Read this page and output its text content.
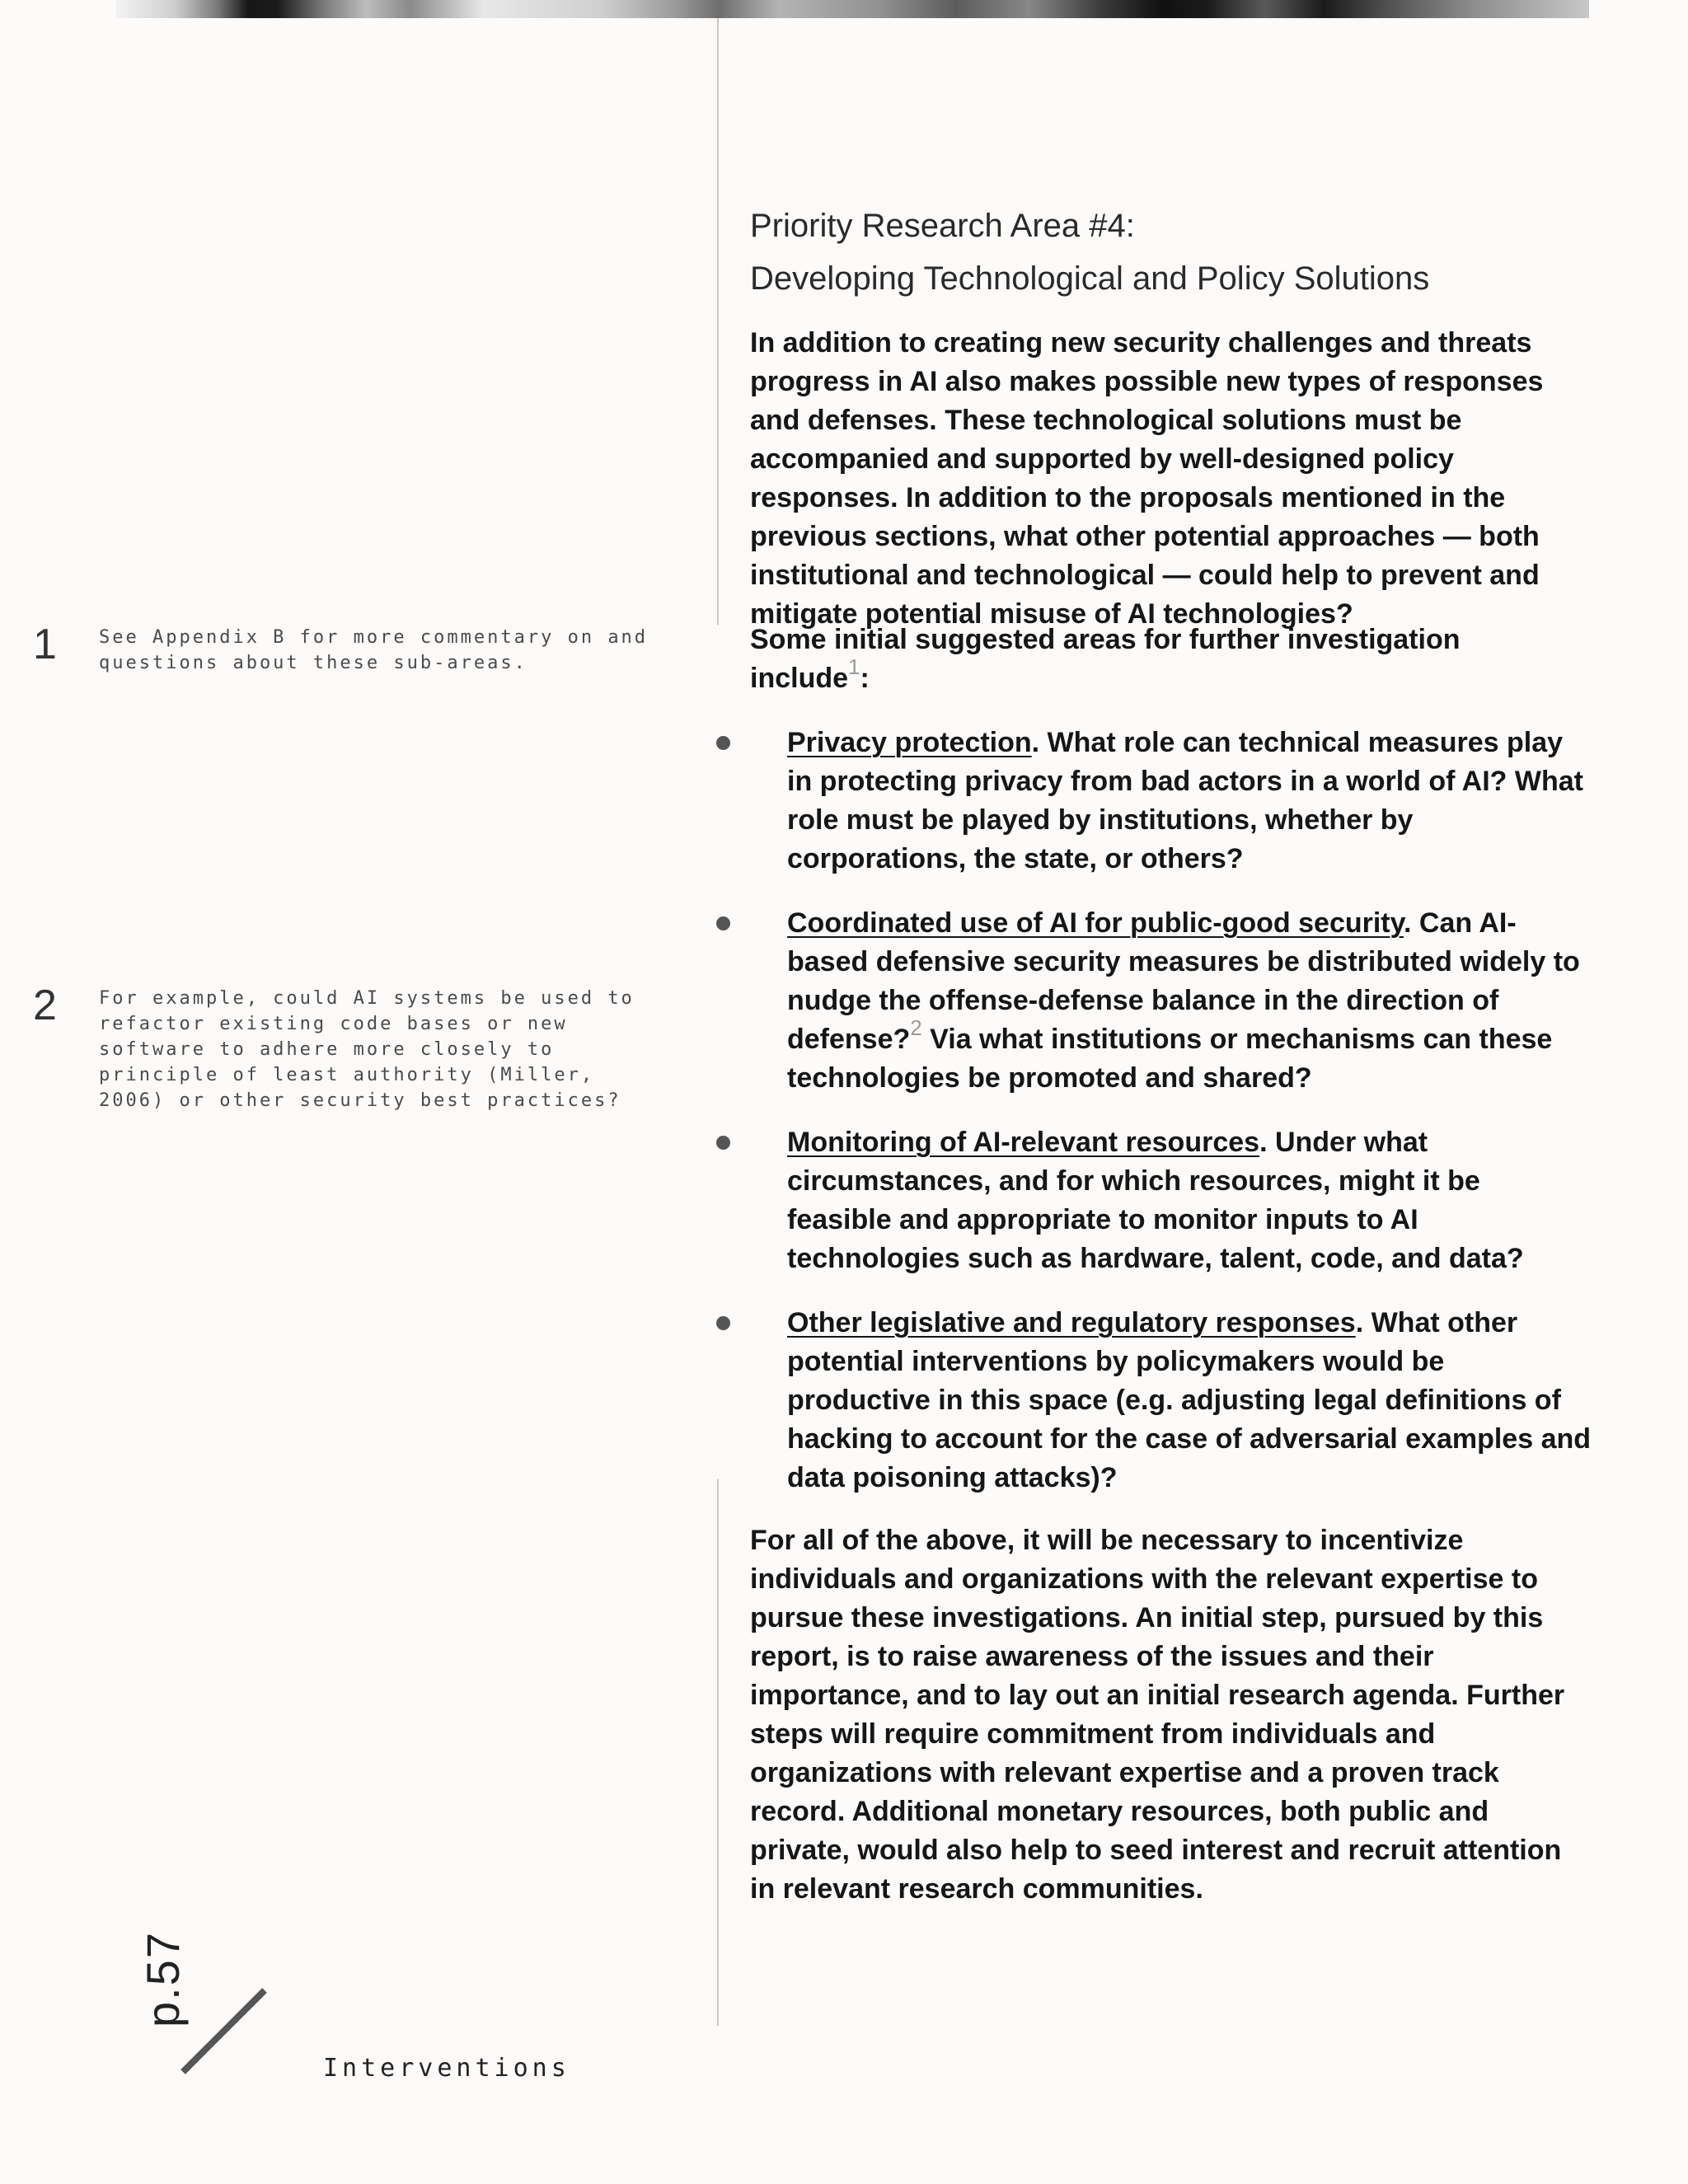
Priority Research Area #4:
Developing Technological and Policy Solutions

In addition to creating new security challenges and threats progress in AI also makes possible new types of responses and defenses. These technological solutions must be accompanied and supported by well-designed policy responses. In addition to the proposals mentioned in the previous sections, what other potential approaches — both institutional and technological — could help to prevent and mitigate potential misuse of AI technologies?

Some initial suggested areas for further investigation include$^1$:

Privacy protection. What role can technical measures play in protecting privacy from bad actors in a world of AI? What role must be played by institutions, whether by corporations, the state, or others?
Coordinated use of AI for public-good security. Can AI-based defensive security measures be distributed widely to nudge the offense-defense balance in the direction of defense?$^2$ Via what institutions or mechanisms can these technologies be promoted and shared?
Monitoring of AI-relevant resources. Under what circumstances, and for which resources, might it be feasible and appropriate to monitor inputs to AI technologies such as hardware, talent, code, and data?
Other legislative and regulatory responses. What other potential interventions by policymakers would be productive in this space (e.g. adjusting legal definitions of hacking to account for the case of adversarial examples and data poisoning attacks)?

For all of the above, it will be necessary to incentivize individuals and organizations with the relevant expertise to pursue these investigations. An initial step, pursued by this report, is to raise awareness of the issues and their importance, and to lay out an initial research agenda. Further steps will require commitment from individuals and organizations with relevant expertise and a proven track record. Additional monetary resources, both public and private, would also help to seed interest and recruit attention in relevant research communities.

1 See Appendix B for more commentary on and questions about these sub-areas.
2 For example, could AI systems be used to refactor existing code bases or new software to adhere more closely to principle of least authority (Miller, 2006) or other security best practices?
p.57
Interventions
